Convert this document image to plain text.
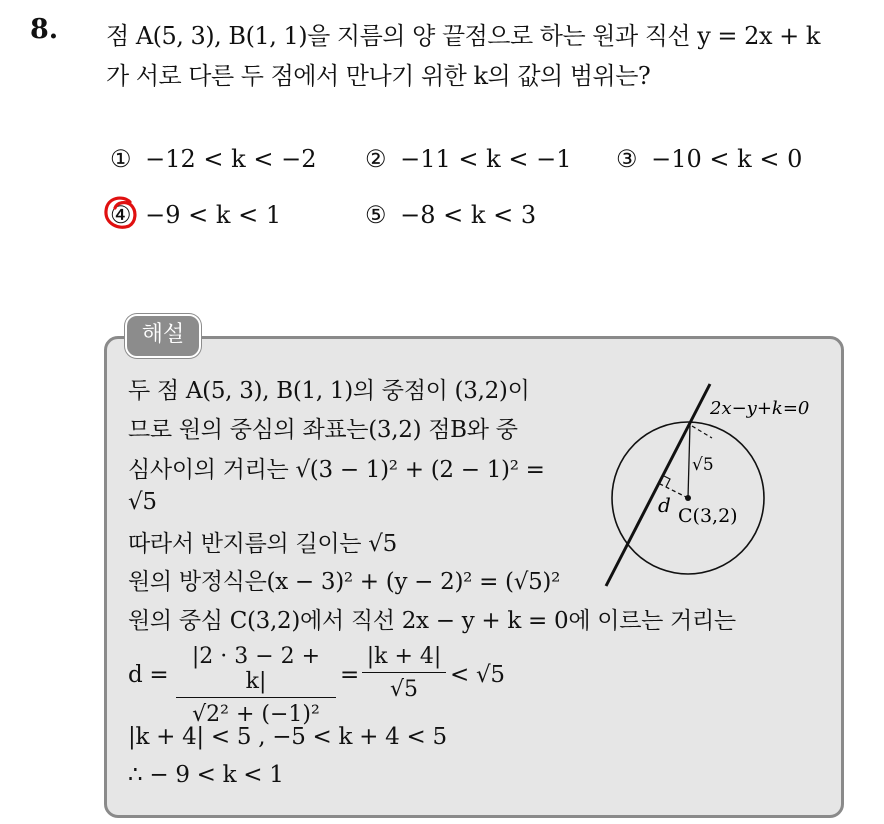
8. 점 A(5, 3), B(1, 1)을 지름의 양 끝점으로 하는 원과 직선 y = 2x + k
가 서로 다른 두 점에서 만나기 위한 k의 값의 범위는?
① −12 < k < −2 ② −11 < k < −1 ③ −10 < k < 0
④ −9 < k < 1	⑤ −8 < k < 3
해설
두 점 A(5, 3), B(1, 1)의 중점이 (3,2)이
므로 원의 중심의 좌표는(3,2) 점B와 중
심사이의 거리는 √(3 − 1)² + (2 − 1)² =
√5
따라서 반지름의 길이는 √5
원의 방정식은(x − 3)² + (y − 2)² = (√5)²
원의 중심 C(3,2)에서 직선 2x − y + k = 0에 이르는 거리는
d =
|2 · 3 − 2 + k|
√2² + (−1)²
=
|k + 4|
√5
< √5
|k + 4| < 5 , −5 < k + 4 < 5
∴ − 9 < k < 1
2x−y+k=0
√5
d C(3,2)
